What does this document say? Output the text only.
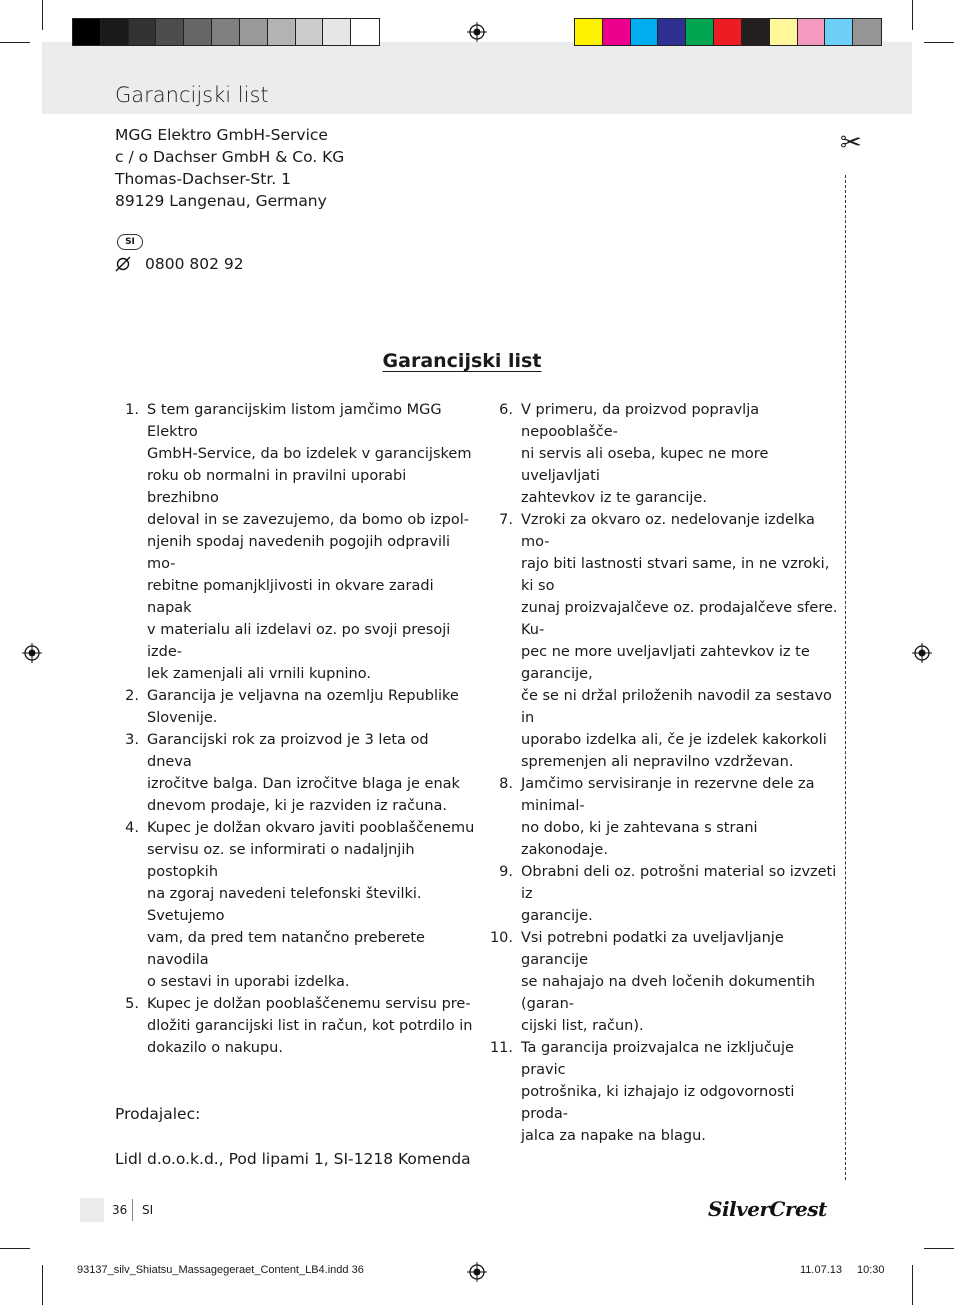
Garancijski list
MGG Elektro GmbH-Service
c / o Dachser GmbH & Co. KG
Thomas-Dachser-Str. 1
89129 Langenau, Germany
SI
0800 802 92
Garancijski list
1. S tem garancijskim listom jamčimo MGG Elektro
GmbH-Service, da bo izdelek v garancijskem
roku ob normalni in pravilni uporabi brezhibno
deloval in se zavezujemo, da bomo ob izpol-
njenih spodaj navedenih pogojih odpravili mo-
rebitne pomanjkljivosti in okvare zaradi napak
v materialu ali izdelavi oz. po svoji presoji izde-
lek zamenjali ali vrnili kupnino.
2. Garancija je veljavna na ozemlju Republike
Slovenije.
3. Garancijski rok za proizvod je 3 leta od dneva
izročitve balga. Dan izročitve blaga je enak
dnevom prodaje, ki je razviden iz računa.
4. Kupec je dolžan okvaro javiti pooblaščenemu
servisu oz. se informirati o nadaljnjih postopkih
na zgoraj navedeni telefonski številki. Svetujemo
vam, da pred tem natančno preberete navodila
o sestavi in uporabi izdelka.
5. Kupec je dolžan pooblaščenemu servisu pre-
dložiti garancijski list in račun, kot potrdilo in
dokazilo o nakupu.
6. V primeru, da proizvod popravlja nepooblašče-
ni servis ali oseba, kupec ne more uveljavljati
zahtevkov iz te garancije.
7. Vzroki za okvaro oz. nedelovanje izdelka mo-
rajo biti lastnosti stvari same, in ne vzroki, ki so
zunaj proizvajalčeve oz. prodajalčeve sfere. Ku-
pec ne more uveljavljati zahtevkov iz te garancije,
če se ni držal priloženih navodil za sestavo in
uporabo izdelka ali, če je izdelek kakorkoli
spremenjen ali nepravilno vzdrževan.
8. Jamčimo servisiranje in rezervne dele za minimal-
no dobo, ki je zahtevana s strani zakonodaje.
9. Obrabni deli oz. potrošni material so izvzeti iz
garancije.
10. Vsi potrebni podatki za uveljavljanje garancije
se nahajajo na dveh ločenih dokumentih (garan-
cijski list, račun).
11. Ta garancija proizvajalca ne izključuje pravic
potrošnika, ki izhajajo iz odgovornosti proda-
jalca za napake na blagu.
✂
Prodajalec:
Lidl d.o.o.k.d., Pod lipami 1, SI-1218 Komenda
36 SI	SilverCrest
93137_silv_Shiatsu_Massagegeraet_Content_LB4.indd 36	11.07.13 10:30
